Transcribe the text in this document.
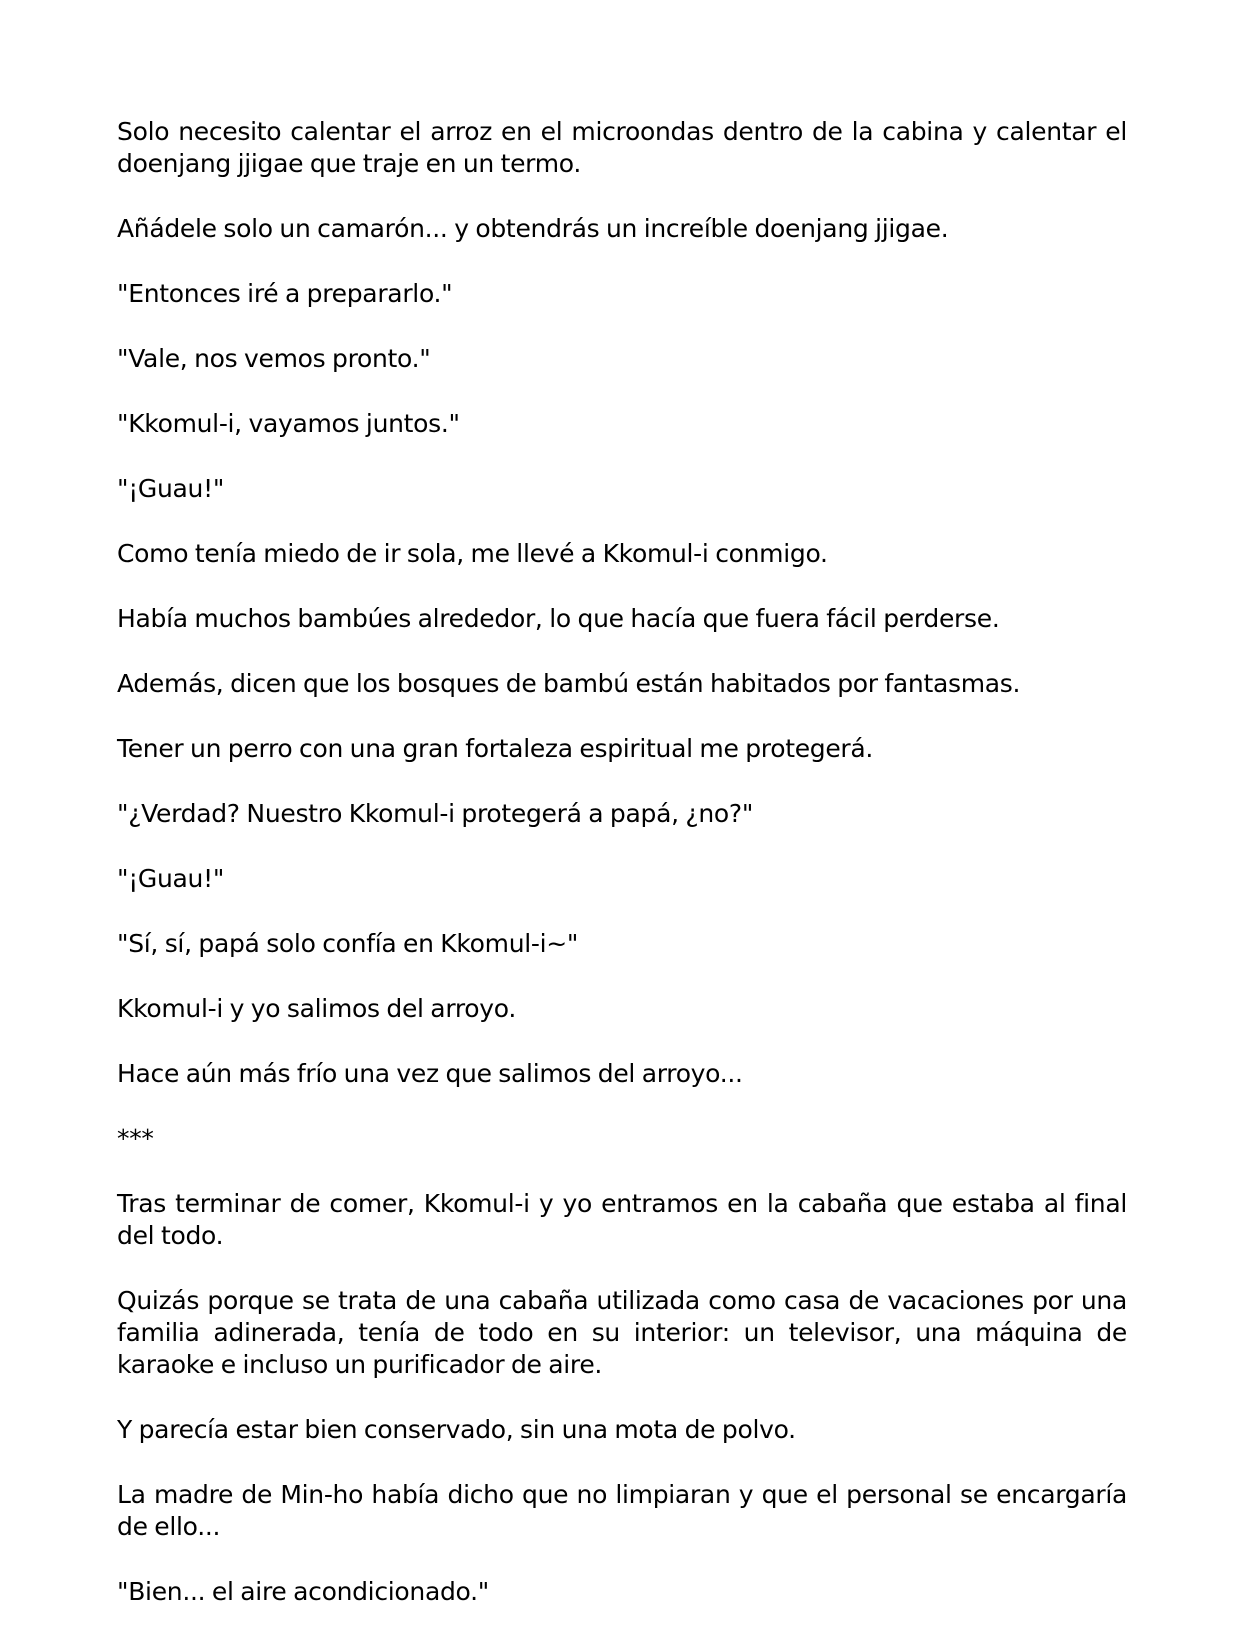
Solo necesito calentar el arroz en el microondas dentro de la cabina y calentar el doenjang jjigae que traje en un termo.

Añádele solo un camarón... y obtendrás un increíble doenjang jjigae.

"Entonces iré a prepararlo."

"Vale, nos vemos pronto."

"Kkomul-i, vayamos juntos."

"¡Guau!"

Como tenía miedo de ir sola, me llevé a Kkomul-i conmigo.

Había muchos bambúes alrededor, lo que hacía que fuera fácil perderse.

Además, dicen que los bosques de bambú están habitados por fantasmas.

Tener un perro con una gran fortaleza espiritual me protegerá.

"¿Verdad? Nuestro Kkomul-i protegerá a papá, ¿no?"

"¡Guau!"

"Sí, sí, papá solo confía en Kkomul-i~"

Kkomul-i y yo salimos del arroyo.

Hace aún más frío una vez que salimos del arroyo...

***

Tras terminar de comer, Kkomul-i y yo entramos en la cabaña que estaba al final del todo.

Quizás porque se trata de una cabaña utilizada como casa de vacaciones por una familia adinerada, tenía de todo en su interior: un televisor, una máquina de karaoke e incluso un purificador de aire.

Y parecía estar bien conservado, sin una mota de polvo.

La madre de Min-ho había dicho que no limpiaran y que el personal se encargaría de ello...

"Bien... el aire acondicionado."
